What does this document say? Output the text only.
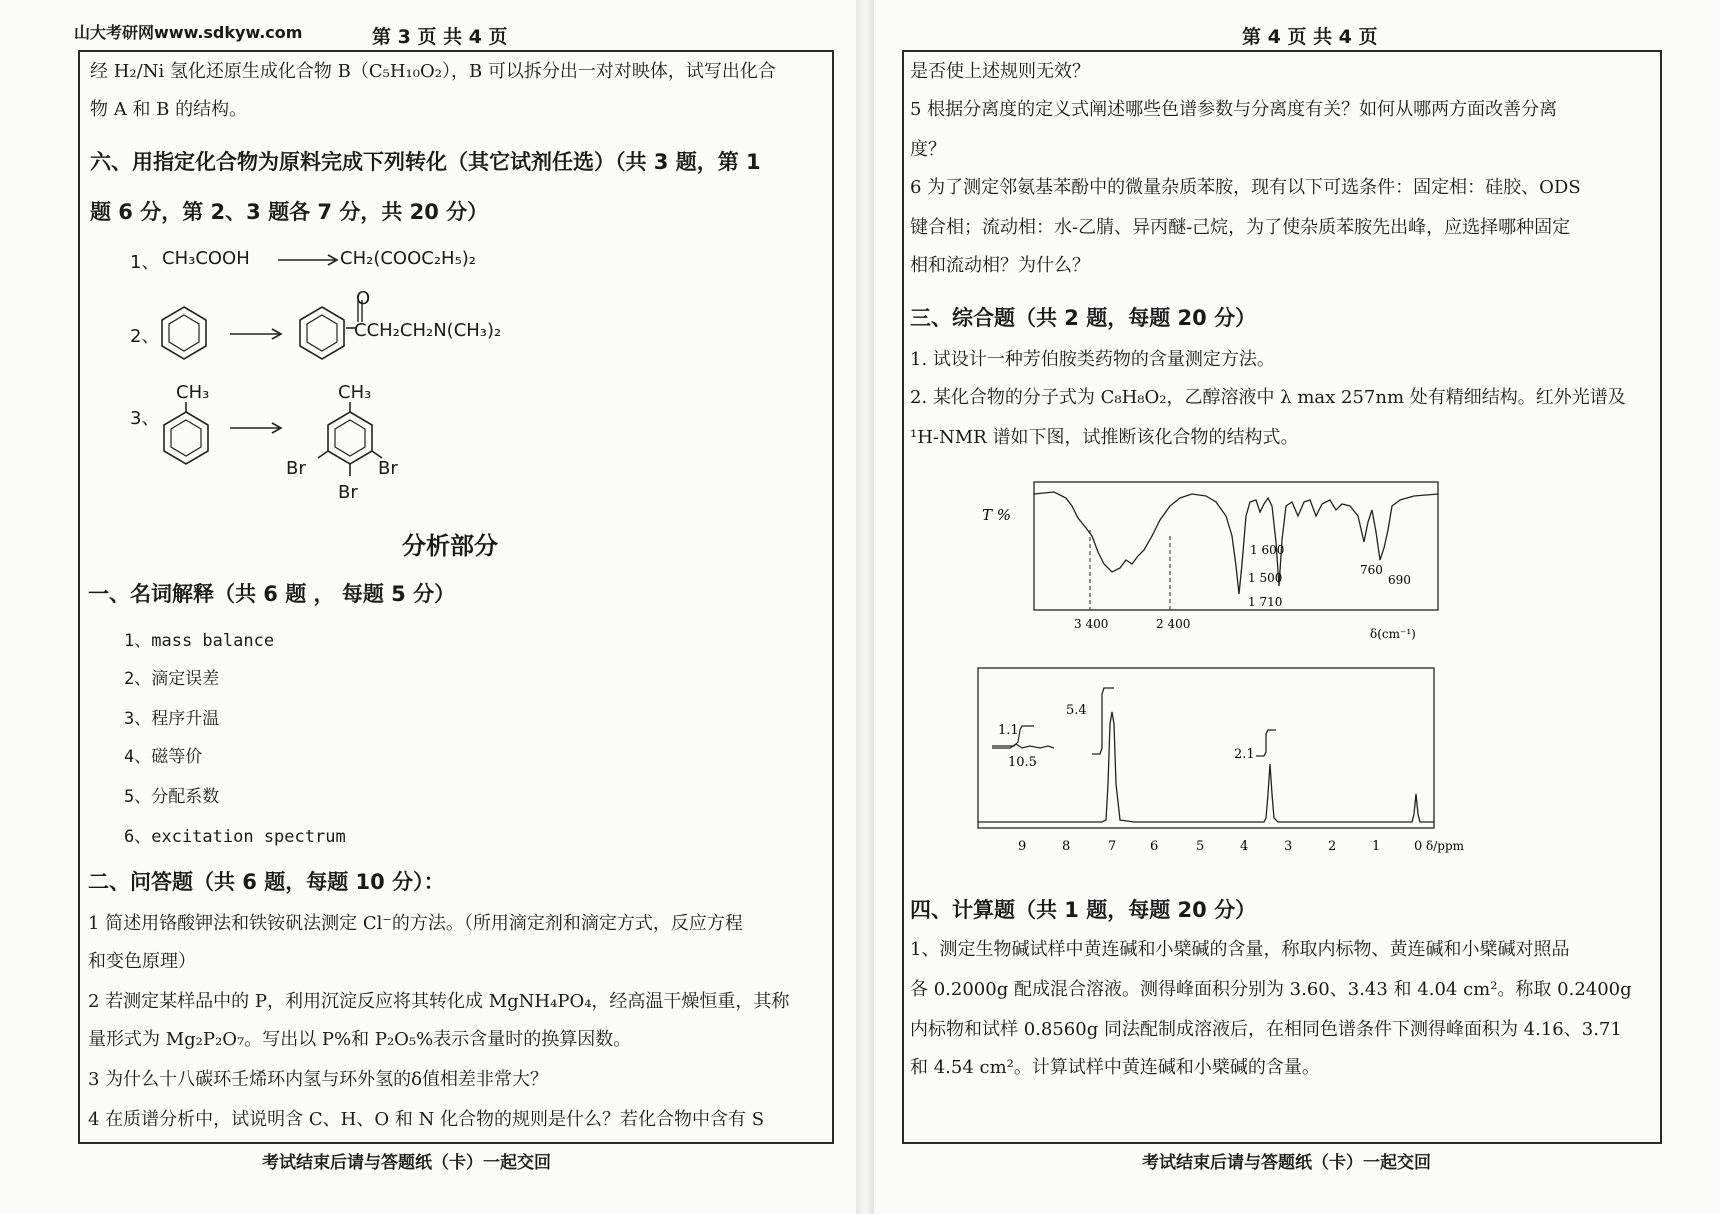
山大考研网www.sdkyw.com	第 3 页 共 4 页
经 H₂/Ni 氢化还原生成化合物 B（C₅H₁₀O₂），B 可以拆分出一对对映体，试写出化合
物 A 和 B 的结构。
六、用指定化合物为原料完成下列转化（其它试剂任选）（共 3 题，第 1
题 6 分，第 2、3 题各 7 分，共 20 分）
1、 CH₃COOH → CH₂(COOC₂H₅)₂
2、
O
CCH₂CH₂N(CH₃)₂
3、
CH₃	CH₃
Br	Br
Br
分析部分
一、名词解释（共 6 题 ， 每题 5 分）
1、mass balance
2、滴定误差
3、程序升温
4、磁等价
5、分配系数
6、excitation spectrum
二、问答题（共 6 题，每题 10 分）：
1 简述用铬酸钾法和铁铵矾法测定 Cl⁻的方法。（所用滴定剂和滴定方式，反应方程
和变色原理）
2 若测定某样品中的 P，利用沉淀反应将其转化成 MgNH₄PO₄，经高温干燥恒重，其称
量形式为 Mg₂P₂O₇。写出以 P%和 P₂O₅%表示含量时的换算因数。
3 为什么十八碳环壬烯环内氢与环外氢的δ值相差非常大？
4 在质谱分析中，试说明含 C、H、O 和 N 化合物的规则是什么？若化合物中含有 S
考试结束后请与答题纸（卡）一起交回
第 4 页 共 4 页
是否使上述规则无效？
5 根据分离度的定义式阐述哪些色谱参数与分离度有关？如何从哪两方面改善分离
度？
6 为了测定邻氨基苯酚中的微量杂质苯胺，现有以下可选条件：固定相：硅胶、ODS
键合相；流动相：水-乙腈、异丙醚-己烷，为了使杂质苯胺先出峰，应选择哪种固定
相和流动相？为什么？
三、综合题（共 2 题，每题 20 分）
1. 试设计一种芳伯胺类药物的含量测定方法。
2. 某化合物的分子式为 C₈H₈O₂，乙醇溶液中 λ max 257nm 处有精细结构。红外光谱及
¹H-NMR 谱如下图，试推断该化合物的结构式。
T %
1 600
1 500
1 710
760
690
3 400	2 400
δ(cm⁻¹)
1.1
10.5
5.4
2.1
9	8	7	6	5	4	3	2	1	0 δ/ppm
四、计算题（共 1 题，每题 20 分）
1、测定生物碱试样中黄连碱和小檗碱的含量，称取内标物、黄连碱和小檗碱对照品
各 0.2000g 配成混合溶液。测得峰面积分别为 3.60、3.43 和 4.04 cm²。称取 0.2400g
内标物和试样 0.8560g 同法配制成溶液后，在相同色谱条件下测得峰面积为 4.16、3.71
和 4.54 cm²。计算试样中黄连碱和小檗碱的含量。
考试结束后请与答题纸（卡）一起交回
